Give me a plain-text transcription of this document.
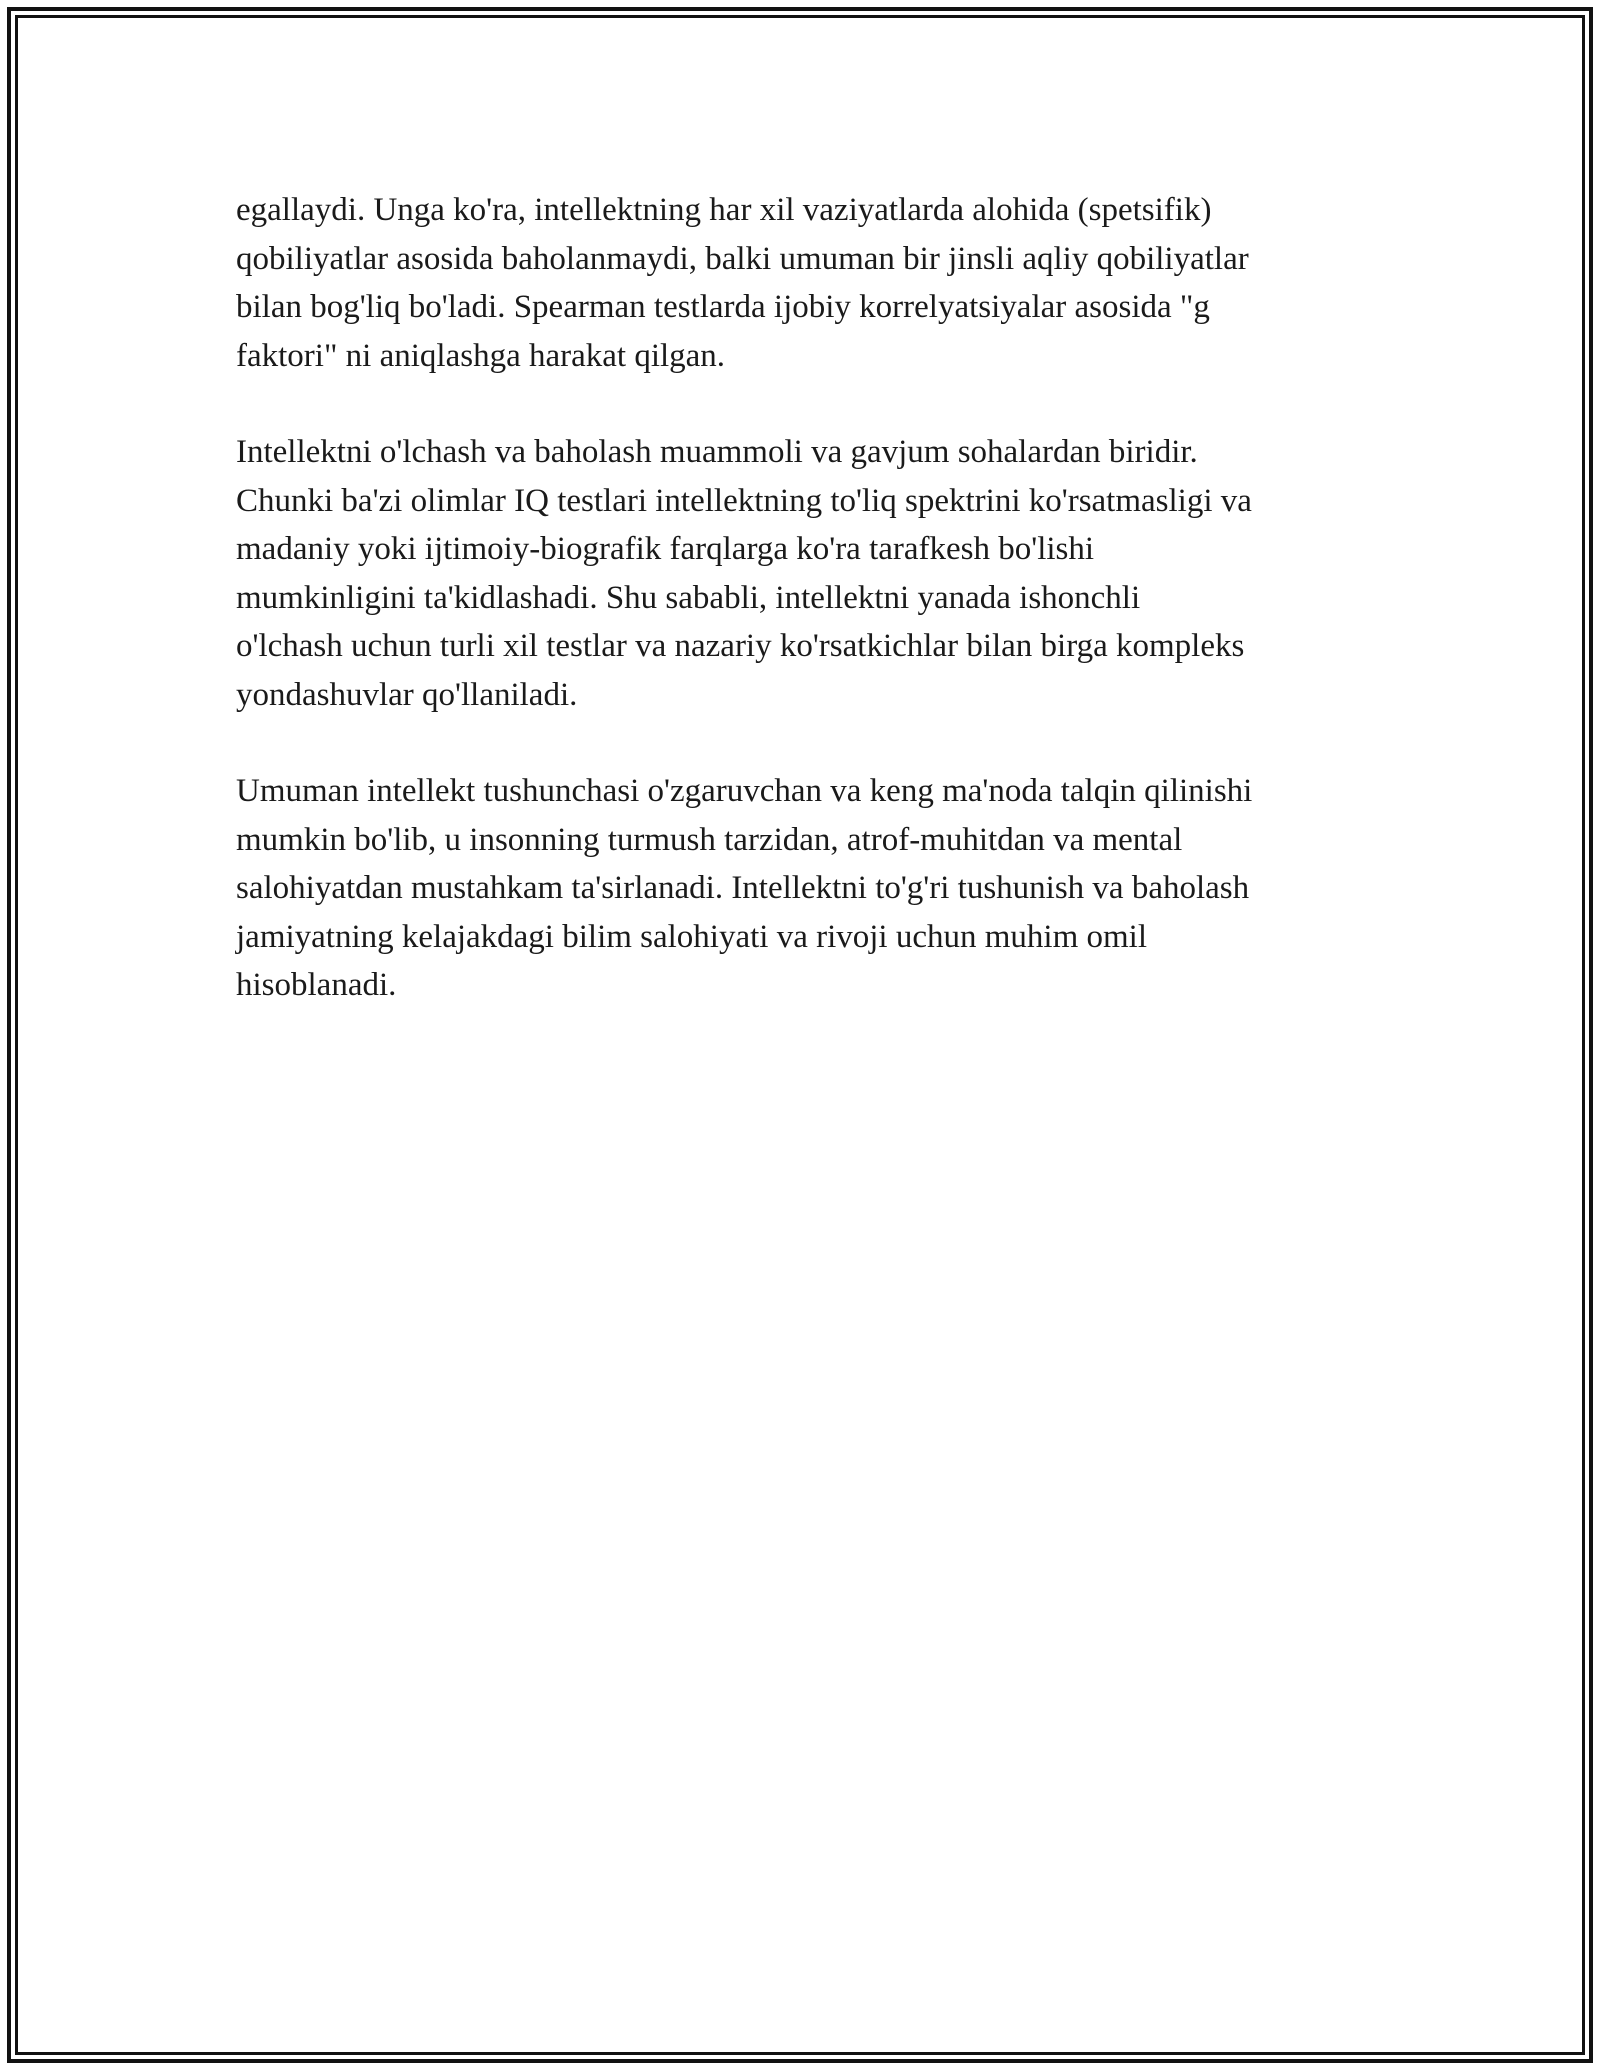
egallaydi. Unga ko'ra, intellektning har xil vaziyatlarda alohida (spetsifik)
qobiliyatlar asosida baholanmaydi, balki umuman bir jinsli aqliy qobiliyatlar
bilan bog'liq bo'ladi. Spearman testlarda ijobiy korrelyatsiyalar asosida "g
faktori" ni aniqlashga harakat qilgan.

Intellektni o'lchash va baholash muammoli va gavjum sohalardan biridir.
Chunki ba'zi olimlar IQ testlari intellektning to'liq spektrini ko'rsatmasligi va
madaniy yoki ijtimoiy-biografik farqlarga ko'ra tarafkesh bo'lishi
mumkinligini ta'kidlashadi. Shu sababli, intellektni yanada ishonchli
o'lchash uchun turli xil testlar va nazariy ko'rsatkichlar bilan birga kompleks
yondashuvlar qo'llaniladi.

Umuman intellekt tushunchasi o'zgaruvchan va keng ma'noda talqin qilinishi
mumkin bo'lib, u insonning turmush tarzidan, atrof-muhitdan va mental
salohiyatdan mustahkam ta'sirlanadi. Intellektni to'g'ri tushunish va baholash
jamiyatning kelajakdagi bilim salohiyati va rivoji uchun muhim omil
hisoblanadi.
